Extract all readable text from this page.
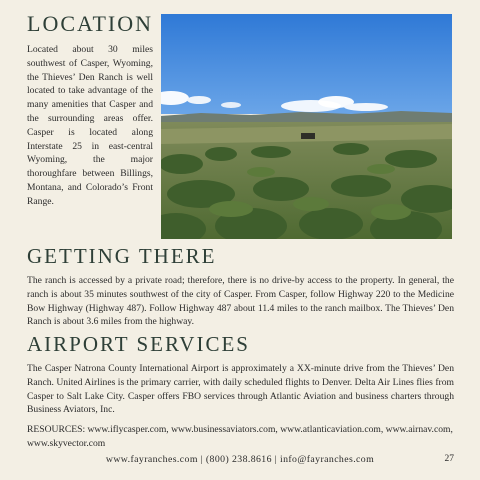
LOCATION

Located about 30 miles southwest of Casper, Wyoming, the Thieves’ Den Ranch is well located to take advantage of the many amenities that Casper and the surrounding areas offer. Casper is located along Interstate 25 in east-central Wyoming, the major thoroughfare between Billings, Montana, and Colorado’s Front Range.

GETTING THERE

The ranch is accessed by a private road; therefore, there is no drive-by access to the property. In general, the ranch is about 35 minutes southwest of the city of Casper. From Casper, follow Highway 220 to the Medicine Bow Highway (Highway 487). Follow Highway 487 about 11.4 miles to the ranch mailbox. The Thieves’ Den Ranch is about 3.6 miles from the highway.

AIRPORT SERVICES

The Casper Natrona County International Airport is approximately a XX-minute drive from the Thieves’ Den Ranch. United Airlines is the primary carrier, with daily scheduled flights to Denver. Delta Air Lines flies from Casper to Salt Lake City. Casper offers FBO services through Atlantic Aviation and business charters through Business Aviators, Inc.

RESOURCES: www.iflycasper.com, www.businessaviators.com, www.atlanticaviation.com, www.airnav.com, www.skyvector.com

www.fayranches.com | (800) 238.8616 | info@fayranches.com	27
